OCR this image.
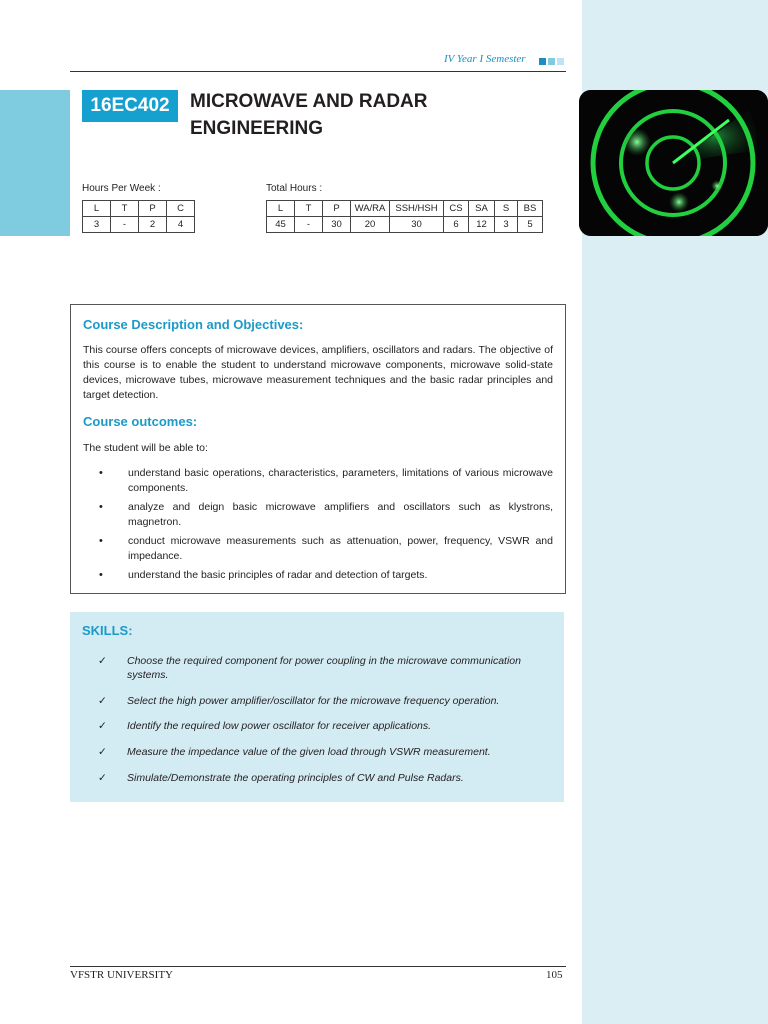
IV Year I Semester
16EC402	MICROWAVE AND RADAR
ENGINEERING
Hours Per Week :
L	T	P	C
3	-	2	4
Total Hours :
L	T	P	WA/RA	SSH/HSH	CS	SA	S	BS
45	-	30	20	30	6	12	3	5
Course Description and Objectives:
This course offers concepts of microwave devices, amplifiers, oscillators and radars. The objective of this course is to enable the student to understand microwave components, microwave solid-state devices, microwave tubes, microwave measurement techniques and the basic radar principles and target detection.
Course outcomes:
The student will be able to:
• understand basic operations, characteristics, parameters, limitations of various microwave components.
• analyze and deign basic microwave amplifiers and oscillators such as klystrons, magnetron.
• conduct microwave measurements such as attenuation, power, frequency, VSWR and impedance.
• understand the basic principles of radar and detection of targets.
SKILLS:
✓ Choose the required component for power coupling in the microwave communication systems.
✓ Select the high power amplifier/oscillator for the microwave frequency operation.
✓ Identify the required low power oscillator for receiver applications.
✓ Measure the impedance value of the given load through VSWR measurement.
✓ Simulate/Demonstrate the operating principles of CW and Pulse Radars.
VFSTR UNIVERSITY	105
